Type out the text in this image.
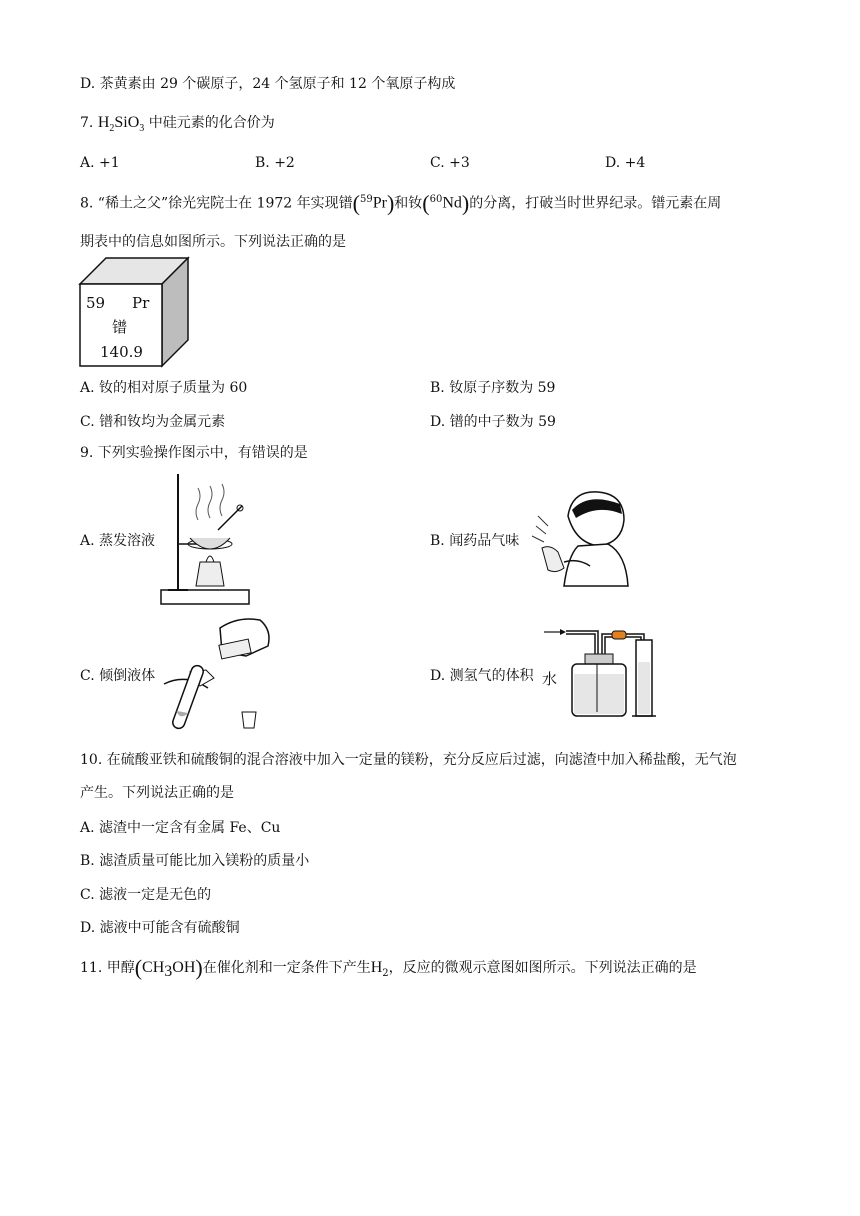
D. 茶黄素由 29 个碳原子，24 个氢原子和 12 个氧原子构成
7. $H_2SiO_3$ 中硅元素的化合价为
A. +1	B. +2	C. +3	D. +4
8. “稀土之父”徐光宪院士在 1972 年实现镨($^{59}$Pr)和钕($^{60}$Nd)的分离，打破当时世界纪录。镨元素在周
期表中的信息如图所示。下列说法正确的是
59 Pr
镨
140.9
A. 钕的相对原子质量为 60	B. 钕原子序数为 59
C. 镨和钕均为金属元素	D. 镨的中子数为 59
9. 下列实验操作图示中，有错误的是
A. 蒸发溶液	B. 闻药品气味
C. 倾倒液体	D. 测氢气的体积 水
10. 在硫酸亚铁和硫酸铜的混合溶液中加入一定量的镁粉，充分反应后过滤，向滤渣中加入稀盐酸，无气泡
产生。下列说法正确的是
A. 滤渣中一定含有金属 Fe、Cu
B. 滤渣质量可能比加入镁粉的质量小
C. 滤液一定是无色的
D. 滤液中可能含有硫酸铜
11. 甲醇$(CH_3OH)$在催化剂和一定条件下产生$H_2$，反应的微观示意图如图所示。下列说法正确的是
